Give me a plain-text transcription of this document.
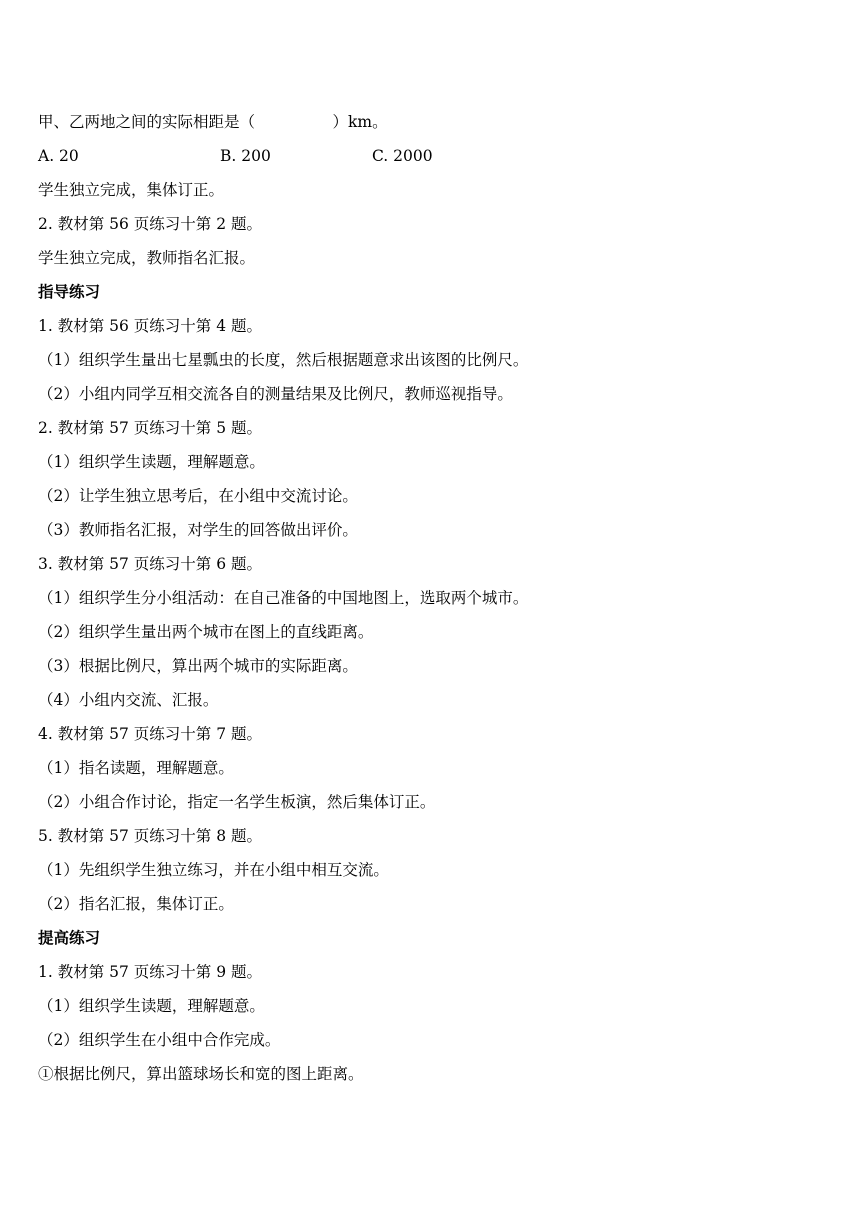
甲、乙两地之间的实际相距是（　　　　　）km。
A. 20	B. 200	C. 2000
学生独立完成，集体订正。
2. 教材第 56 页练习十第 2 题。
学生独立完成，教师指名汇报。
指导练习
1. 教材第 56 页练习十第 4 题。
（1）组织学生量出七星瓢虫的长度，然后根据题意求出该图的比例尺。
（2）小组内同学互相交流各自的测量结果及比例尺，教师巡视指导。
2. 教材第 57 页练习十第 5 题。
（1）组织学生读题，理解题意。
（2）让学生独立思考后，在小组中交流讨论。
（3）教师指名汇报，对学生的回答做出评价。
3. 教材第 57 页练习十第 6 题。
（1）组织学生分小组活动：在自己准备的中国地图上，选取两个城市。
（2）组织学生量出两个城市在图上的直线距离。
（3）根据比例尺，算出两个城市的实际距离。
（4）小组内交流、汇报。
4. 教材第 57 页练习十第 7 题。
（1）指名读题，理解题意。
（2）小组合作讨论，指定一名学生板演，然后集体订正。
5. 教材第 57 页练习十第 8 题。
（1）先组织学生独立练习，并在小组中相互交流。
（2）指名汇报，集体订正。
提高练习
1. 教材第 57 页练习十第 9 题。
（1）组织学生读题，理解题意。
（2）组织学生在小组中合作完成。
①根据比例尺，算出篮球场长和宽的图上距离。
